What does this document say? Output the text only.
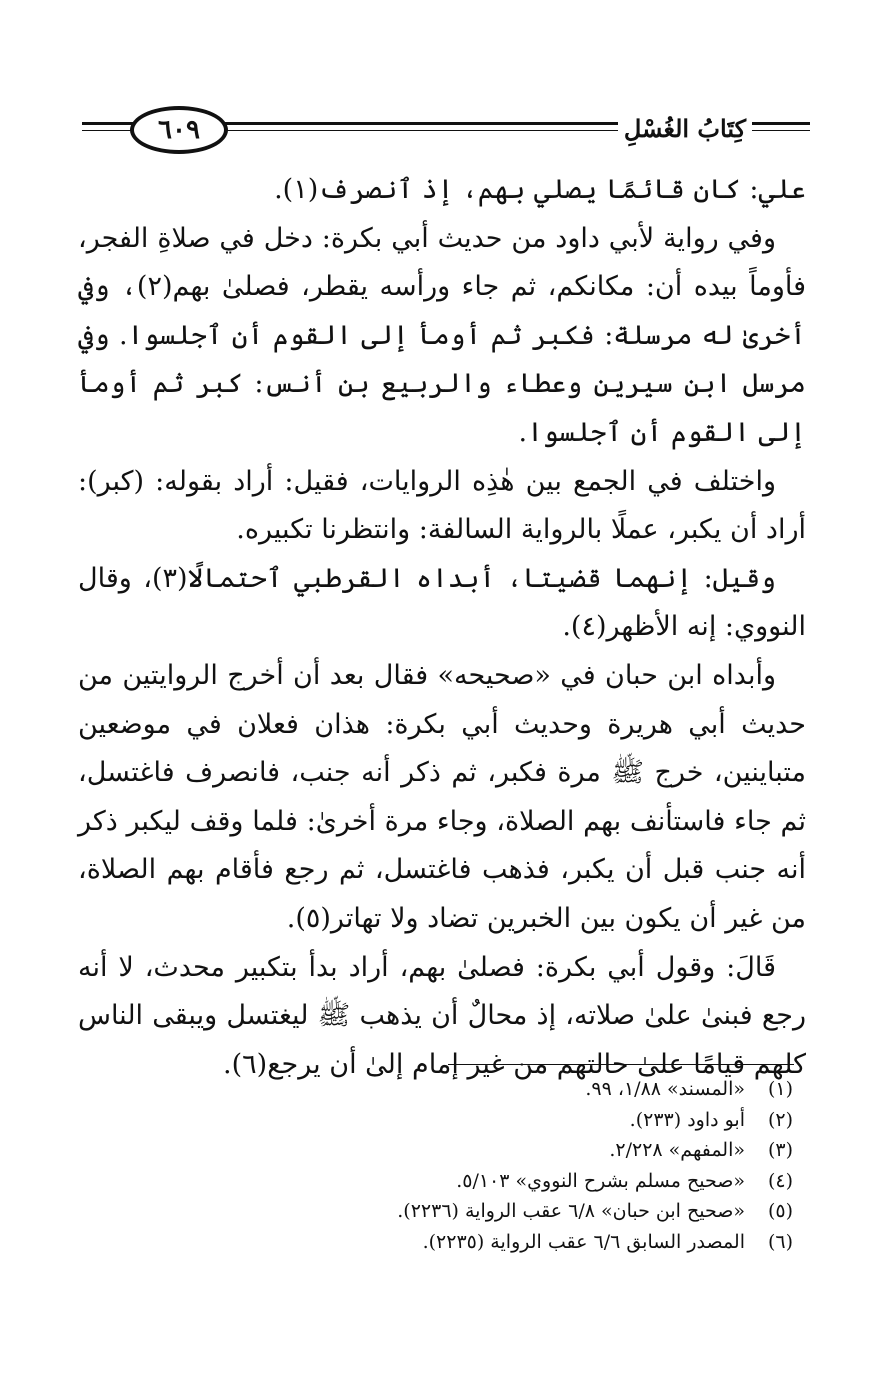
٦٠٩	كِتَابُ الغُسْلِ

علي: كان قائمًا يصلي بهم، إذ ٱنصرف(١).

وفي رواية لأبي داود من حديث أبي بكرة: دخل في صلاةِ الفجر، فأوماً بيده أن: مكانكم، ثم جاء ورأسه يقطر، فصلىٰ بهم(٢)، وفي أخرىٰ له مرسلة: فكبر ثم أومأ إلى القوم أن ٱجلسوا. وفي مرسل ابن سيرين وعطاء والربيع بن أنس: كبر ثم أومأ إلى القوم أن ٱجلسوا.

واختلف في الجمع بين هٰذِه الروايات، فقيل: أراد بقوله: (كبر): أراد أن يكبر، عملًا بالرواية السالفة: وانتظرنا تكبيره.

وقيل: إنهما قضيتا، أبداه القرطبي ٱحتمالًا(٣)، وقال النووي: إنه الأظهر(٤).

وأبداه ابن حبان في «صحيحه» فقال بعد أن أخرج الروايتين من حديث أبي هريرة وحديث أبي بكرة: هذان فعلان في موضعين متباينين، خرج ﷺ مرة فكبر، ثم ذكر أنه جنب، فانصرف فاغتسل، ثم جاء فاستأنف بهم الصلاة، وجاء مرة أخرىٰ: فلما وقف ليكبر ذكر أنه جنب قبل أن يكبر، فذهب فاغتسل، ثم رجع فأقام بهم الصلاة، من غير أن يكون بين الخبرين تضاد ولا تهاتر(٥).

قَالَ: وقول أبي بكرة: فصلىٰ بهم، أراد بدأ بتكبير محدث، لا أنه رجع فبنىٰ علىٰ صلاته، إذ محالٌ أن يذهب ﷺ ليغتسل ويبقى الناس كلهم قيامًا علىٰ حالتهم من غير إمام إلىٰ أن يرجع(٦).

(١)
«المسند» ١/٨٨، ٩٩.
(٢)
أبو داود (٢٣٣).
(٣)
«المفهم» ٢/٢٢٨.
(٤)
«صحيح مسلم بشرح النووي» ٥/١٠٣.
(٥)
«صحيح ابن حبان» ٦/٨ عقب الرواية (٢٢٣٦).
(٦)
المصدر السابق ٦/٦ عقب الرواية (٢٢٣٥).
